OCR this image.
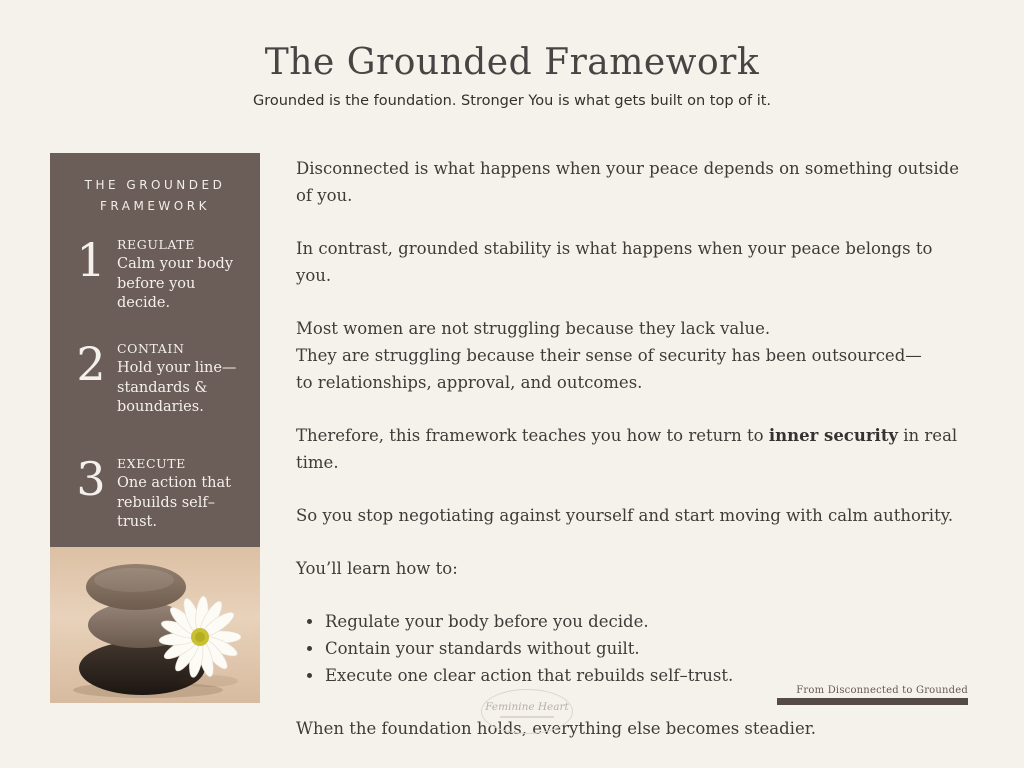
The Grounded Framework
Grounded is the foundation. Stronger You is what gets built on top of it.
THE GROUNDED
FRAMEWORK
1 REGULATE
Calm your body before you decide.
2 CONTAIN
Hold your line—standards & boundaries.
3 EXECUTE
One action that rebuilds self–trust.

Disconnected is what happens when your peace depends on something outside of you.

In contrast, grounded stability is what happens when your peace belongs to you.

Most women are not struggling because they lack value.
They are struggling because their sense of security has been outsourced—
to relationships, approval, and outcomes.

Therefore, this framework teaches you how to return to inner security in real time.

So you stop negotiating against yourself and start moving with calm authority.

You’ll learn how to:

• Regulate your body before you decide.
• Contain your standards without guilt.
• Execute one clear action that rebuilds self–trust.

When the foundation holds, everything else becomes steadier.

Feminine Heart
From Disconnected to Grounded
